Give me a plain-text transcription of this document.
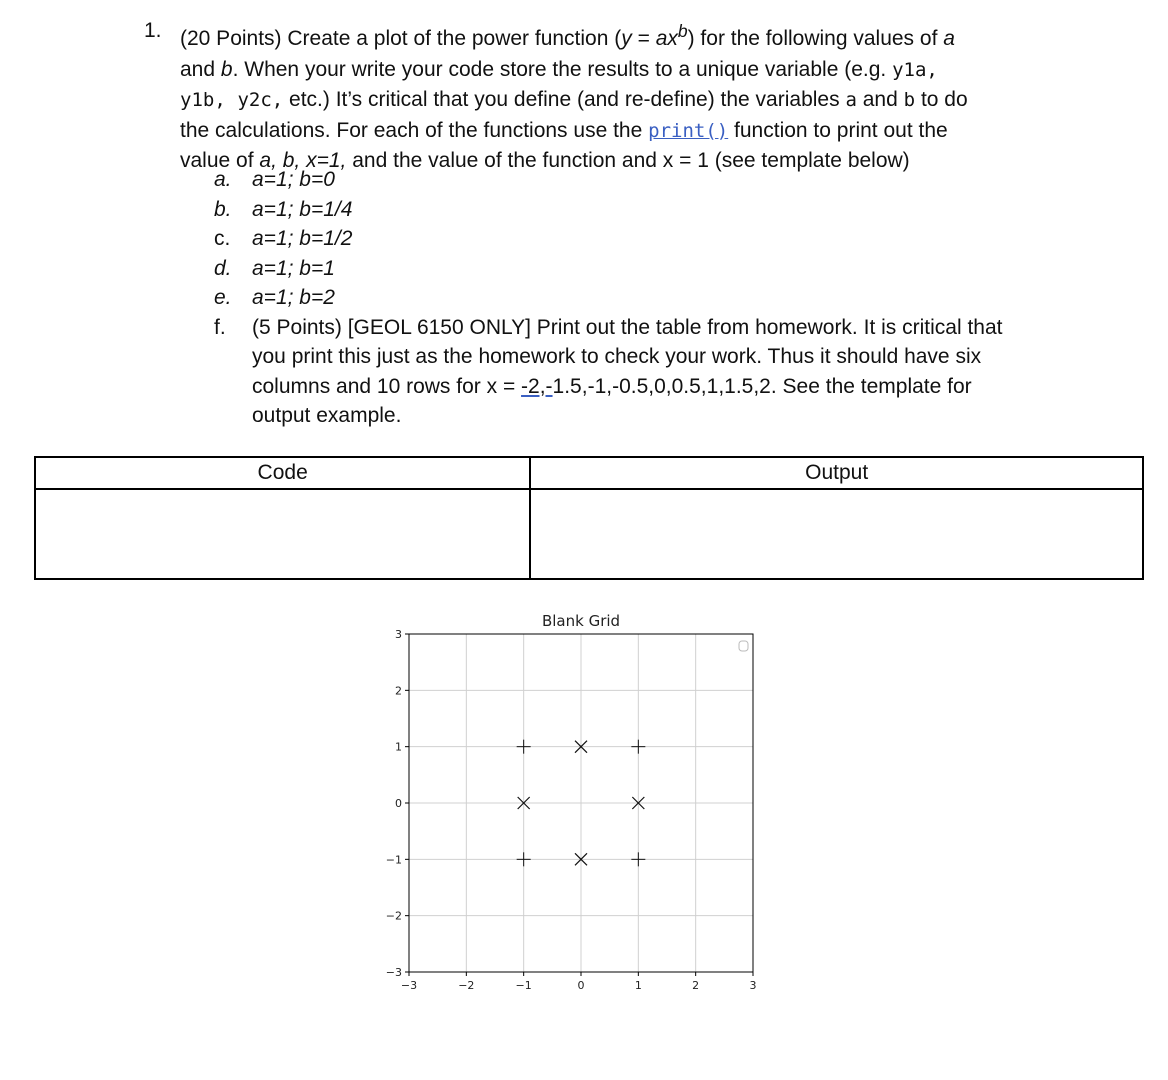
1. (20 Points) Create a plot of the power function $(y = ax^b)$ for the following values of a
and b. When your write your code store the results to a unique variable (e.g. y1a,
y1b, y2c, etc.) It’s critical that you define (and re-define) the variables a and b to do
the calculations. For each of the functions use the print() function to print out the
value of a, b, x=1, and the value of the function and x = 1 (see template below)
a. a=1; b=0
b. a=1; b=1/4
c. a=1; b=1/2
d. a=1; b=1
e. a=1; b=2
f. (5 Points) [GEOL 6150 ONLY] Print out the table from homework. It is critical that
you print this just as the homework to check your work. Thus it should have six
columns and 10 rows for x = -2,-1.5,-1,-0.5,0,0.5,1,1.5,2. See the template for
output example.
Code	Output

Blank Grid
−3
−3
−2
−2
−1
−1
0
0
1
1
2
2
3
3
